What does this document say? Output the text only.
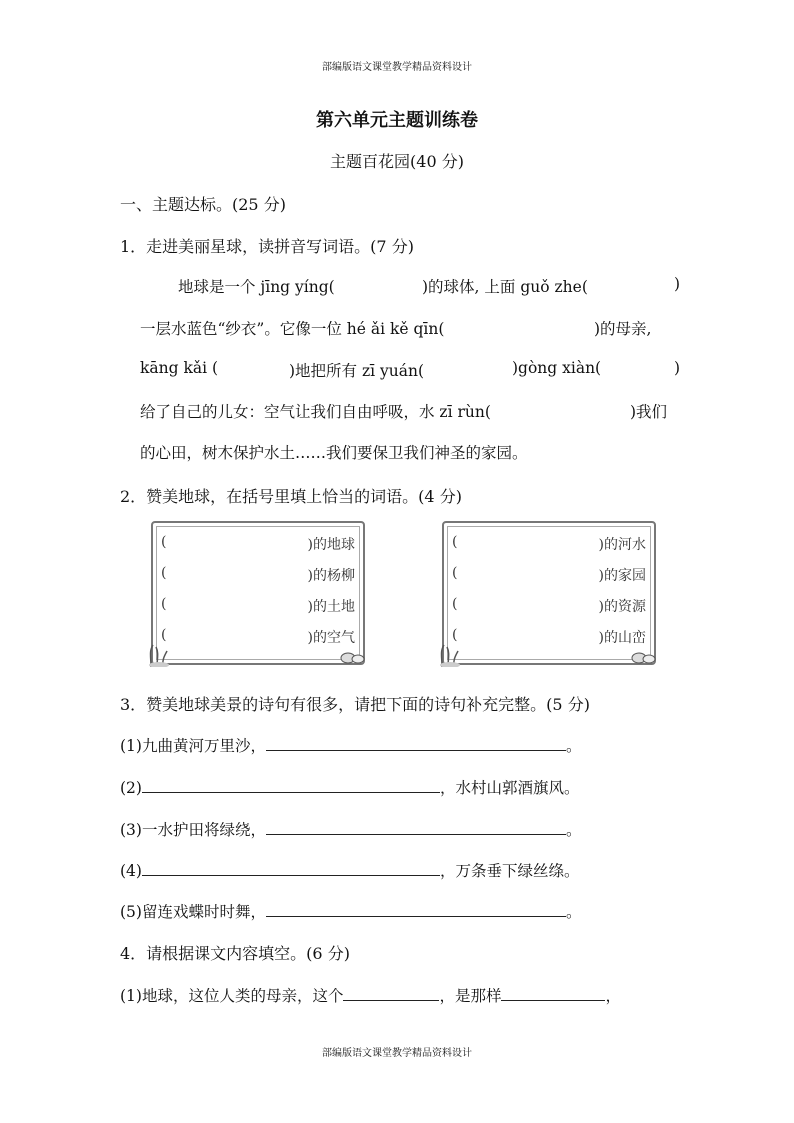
部编版语文课堂教学精品资料设计
第六单元主题训练卷
主题百花园(40 分)
一、主题达标。(25 分)
1．走进美丽星球，读拼音写词语。(7 分)
地球是一个 jīng yíng(	)的球体, 上面 guǒ zhe(	)
一层水蓝色“纱衣”。它像一位 hé ǎi kě qīn(	)的母亲,
kāng kǎi (	)地把所有 zī yuán(	)gòng xiàn(	)
给了自己的儿女：空气让我们自由呼吸，水 zī rùn(	)我们
的心田，树木保护水土……我们要保卫我们神圣的家园。
2．赞美地球，在括号里填上恰当的词语。(4 分)
(	)的地球
(	)的杨柳
(	)的土地
(	)的空气
(	)的河水
(	)的家园
(	)的资源
(	)的山峦
3．赞美地球美景的诗句有很多，请把下面的诗句补充完整。(5 分)
(1)九曲黄河万里沙，	。
(2)	，水村山郭酒旗风。
(3)一水护田将绿绕，	。
(4)	，万条垂下绿丝绦。
(5)留连戏蝶时时舞，	。
4．请根据课文内容填空。(6 分)
(1)地球，这位人类的母亲，这个	，是那样	，
部编版语文课堂教学精品资料设计
